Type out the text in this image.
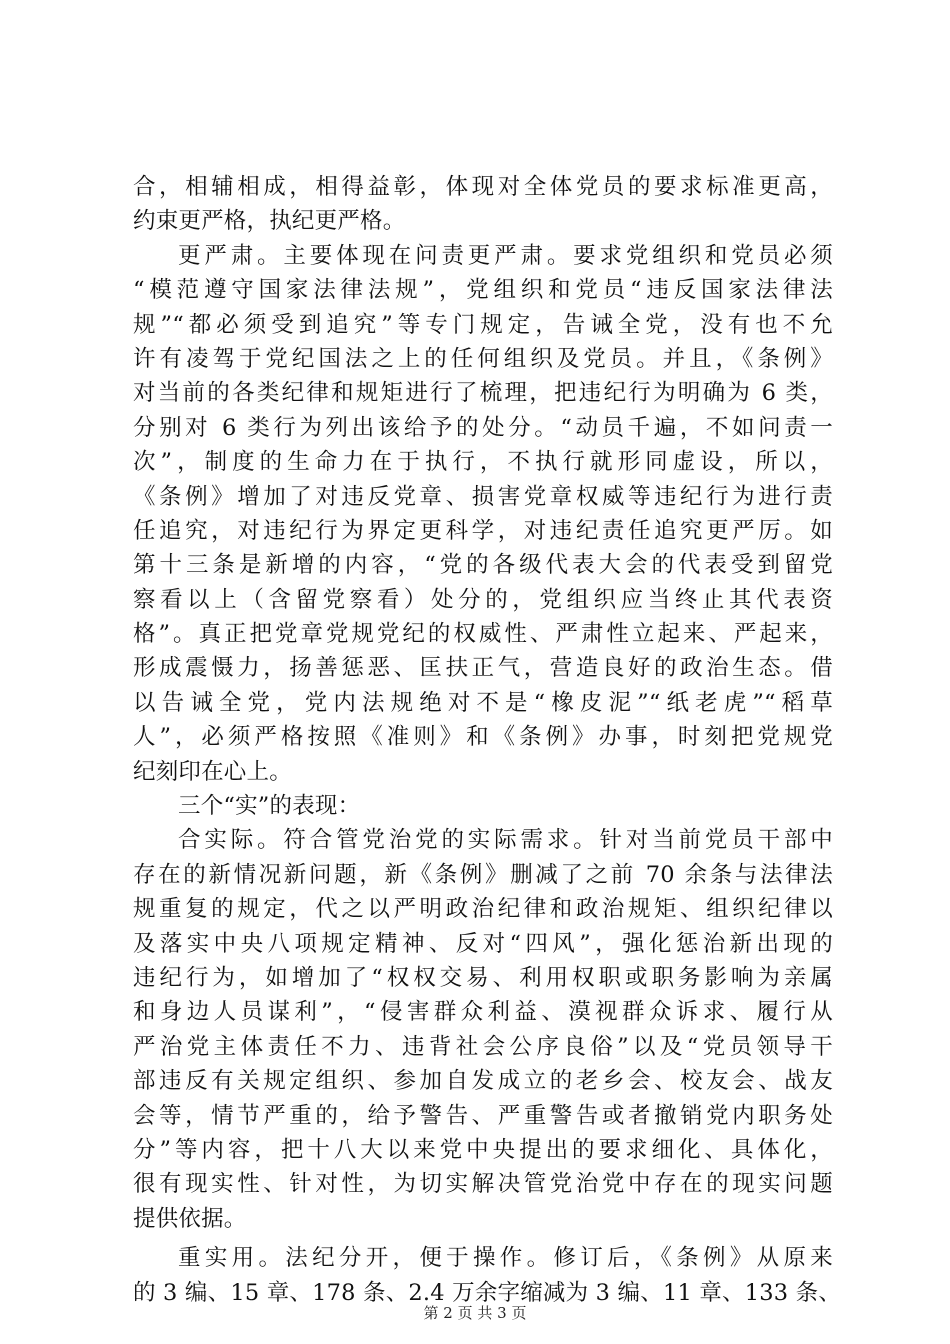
合，相辅相成，相得益彰，体现对全体党员的要求标准更高，
约束更严格，执纪更严格。
更严肃。主要体现在问责更严肃。要求党组织和党员必须
“模范遵守国家法律法规”，党组织和党员“违反国家法律法
规”“都必须受到追究”等专门规定，告诫全党，没有也不允
许有凌驾于党纪国法之上的任何组织及党员。并且，《条例》
对当前的各类纪律和规矩进行了梳理，把违纪行为明确为 6 类，
分别对 6 类行为列出该给予的处分。“动员千遍，不如问责一
次”，制度的生命力在于执行，不执行就形同虚设，所以，
《条例》增加了对违反党章、损害党章权威等违纪行为进行责
任追究，对违纪行为界定更科学，对违纪责任追究更严厉。如
第十三条是新增的内容，“党的各级代表大会的代表受到留党
察看以上（含留党察看）处分的，党组织应当终止其代表资
格”。真正把党章党规党纪的权威性、严肃性立起来、严起来，
形成震慑力，扬善惩恶、匡扶正气，营造良好的政治生态。借
以告诫全党，党内法规绝对不是“橡皮泥”“纸老虎”“稻草
人”，必须严格按照《准则》和《条例》办事，时刻把党规党
纪刻印在心上。
三个“实”的表现：
合实际。符合管党治党的实际需求。针对当前党员干部中
存在的新情况新问题，新《条例》删减了之前 70 余条与法律法
规重复的规定，代之以严明政治纪律和政治规矩、组织纪律以
及落实中央八项规定精神、反对“四风”，强化惩治新出现的
违纪行为，如增加了“权权交易、利用权职或职务影响为亲属
和身边人员谋利”，“侵害群众利益、漠视群众诉求、履行从
严治党主体责任不力、违背社会公序良俗”以及“党员领导干
部违反有关规定组织、参加自发成立的老乡会、校友会、战友
会等，情节严重的，给予警告、严重警告或者撤销党内职务处
分”等内容，把十八大以来党中央提出的要求细化、具体化，
很有现实性、针对性，为切实解决管党治党中存在的现实问题
提供依据。
重实用。法纪分开，便于操作。修订后，《条例》从原来
的 3 编、15 章、178 条、2.4 万余字缩减为 3 编、11 章、133 条、
第 2 页 共 3 页
